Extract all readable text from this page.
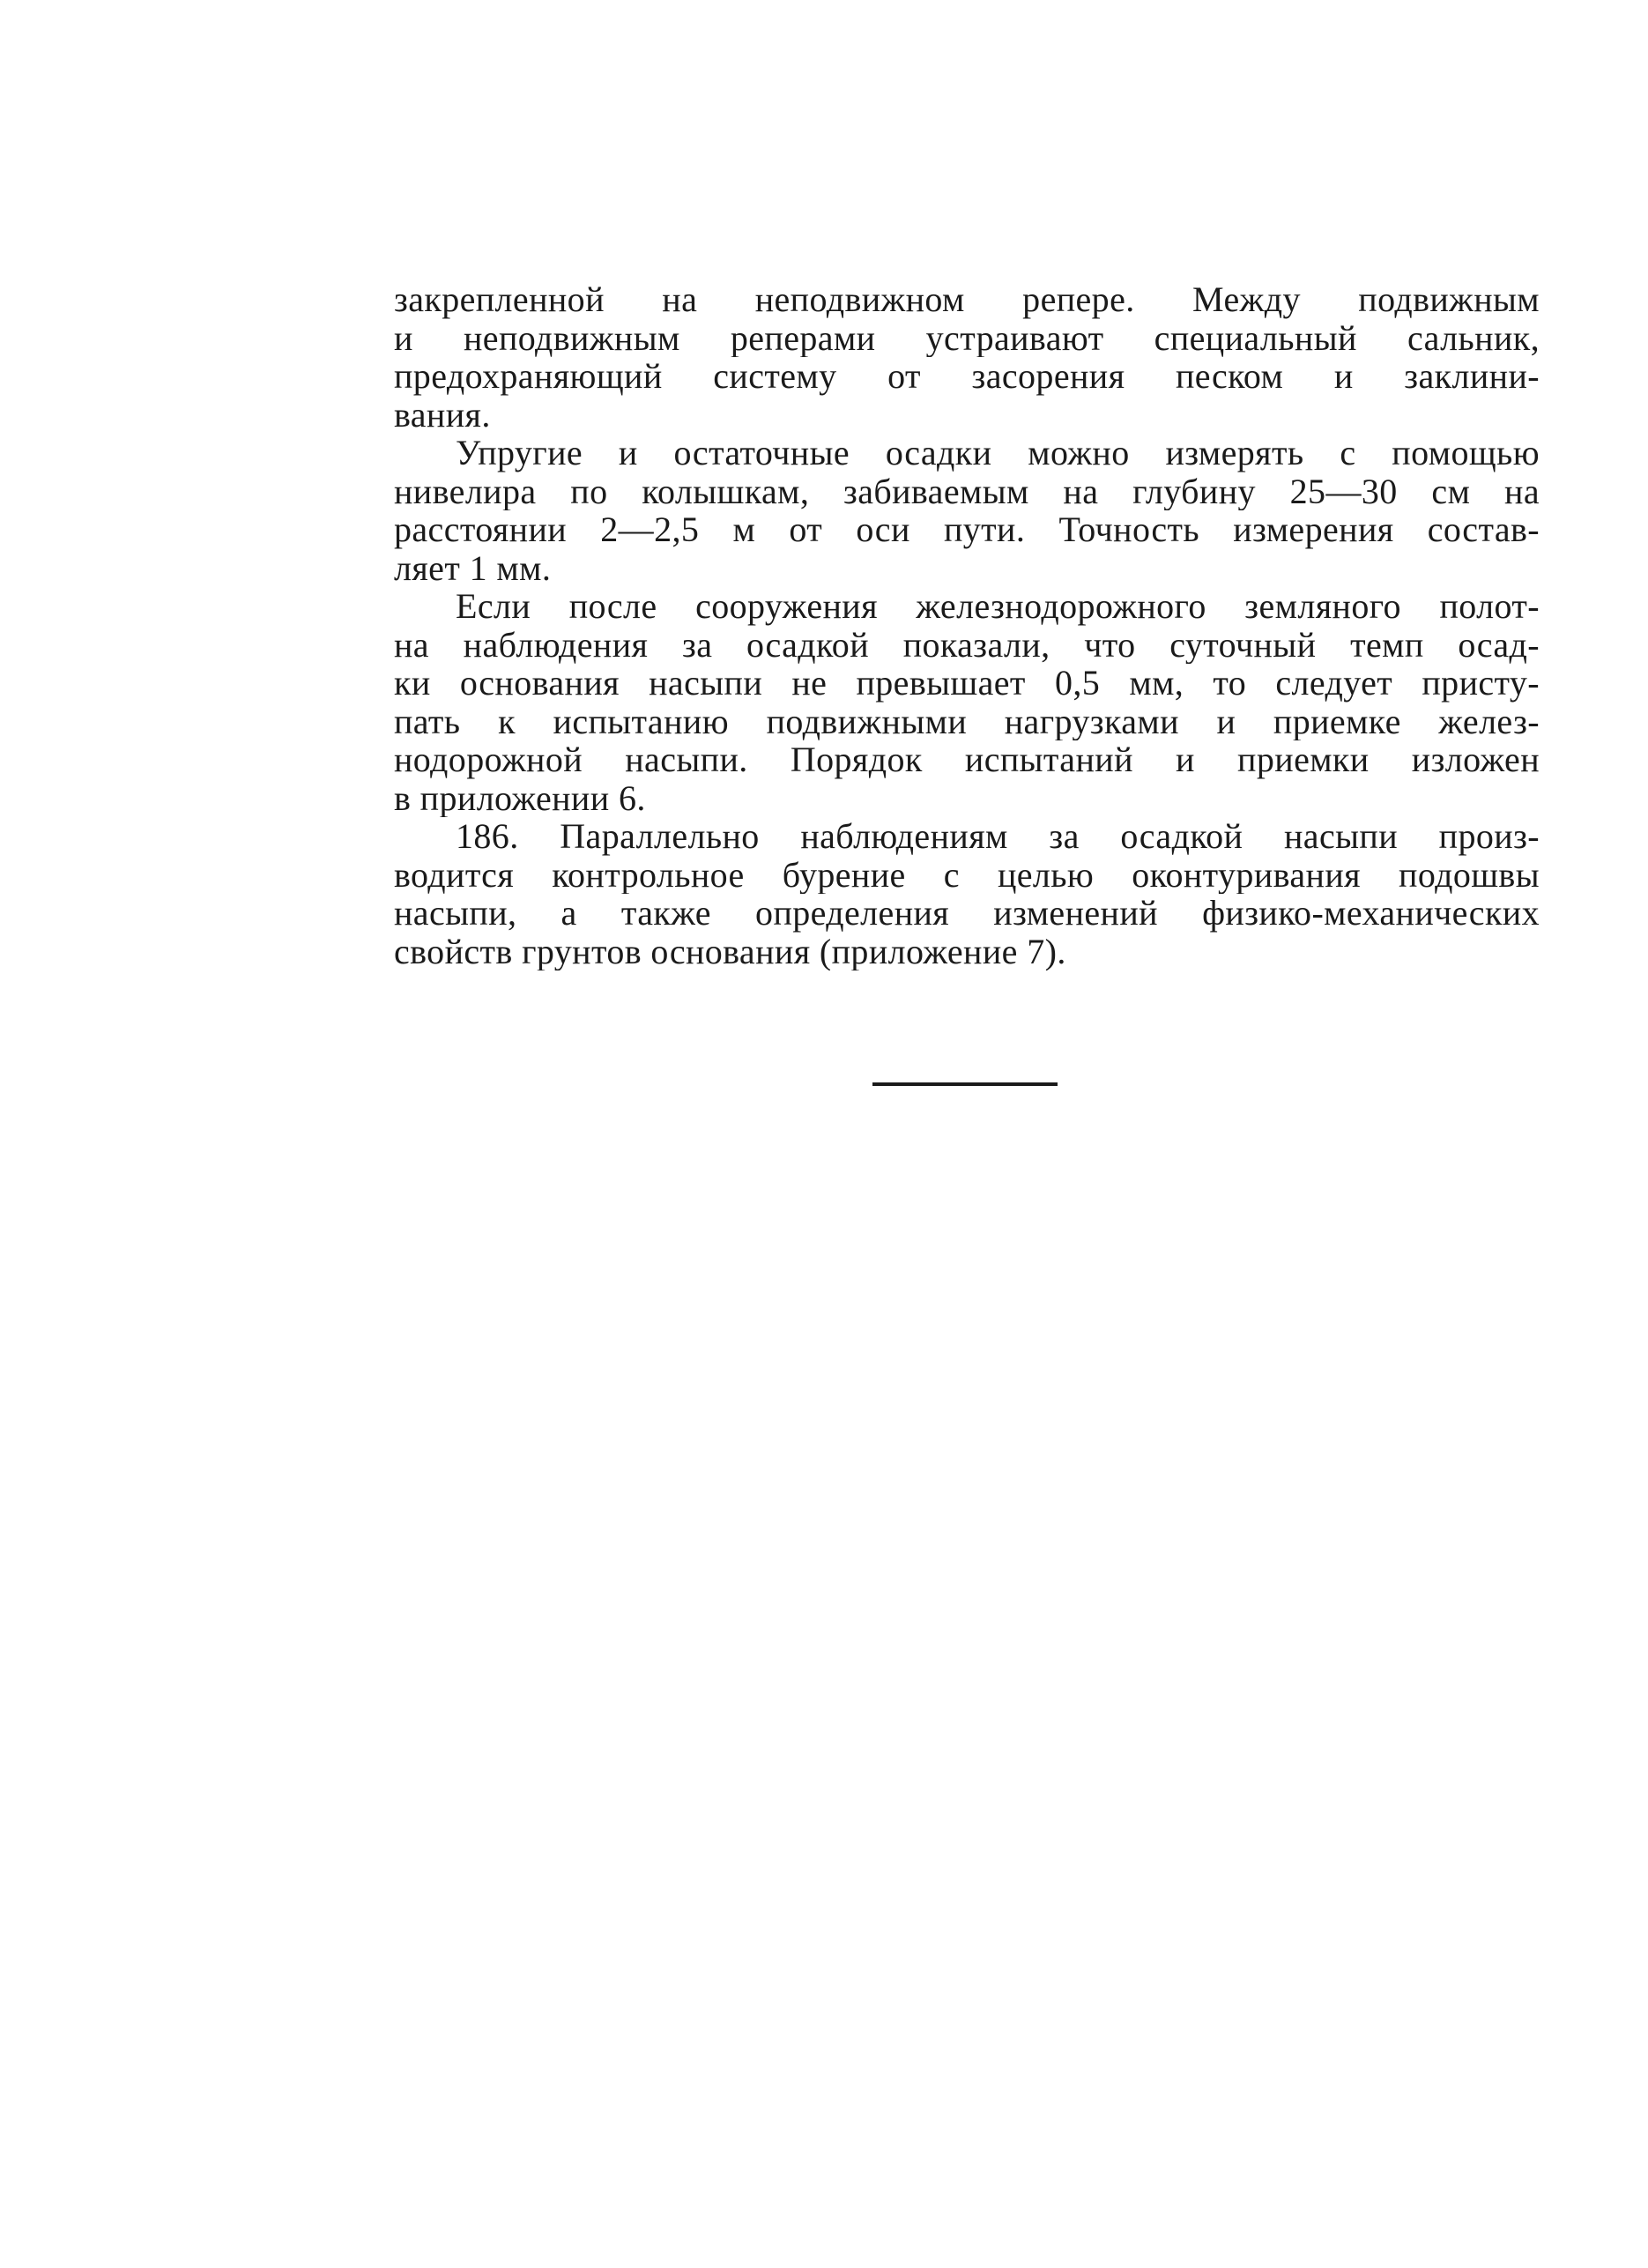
закрепленной на неподвижном репере. Между подвижным
и неподвижным реперами устраивают специальный сальник,
предохраняющий систему от засорения песком и заклини-
вания.
Упругие и остаточные осадки можно измерять с помощью
нивелира по колышкам, забиваемым на глубину 25—30 см на
расстоянии 2—2,5 м от оси пути. Точность измерения состав-
ляет 1 мм.
Если после сооружения железнодорожного земляного полот-
на наблюдения за осадкой показали, что суточный темп осад-
ки основания насыпи не превышает 0,5 мм, то следует присту-
пать к испытанию подвижными нагрузками и приемке желез-
нодорожной насыпи. Порядок испытаний и приемки изложен
в приложении 6.
186. Параллельно наблюдениям за осадкой насыпи произ-
водится контрольное бурение с целью оконтуривания подошвы
насыпи, а также определения изменений физико-механических
свойств грунтов основания (приложение 7).
